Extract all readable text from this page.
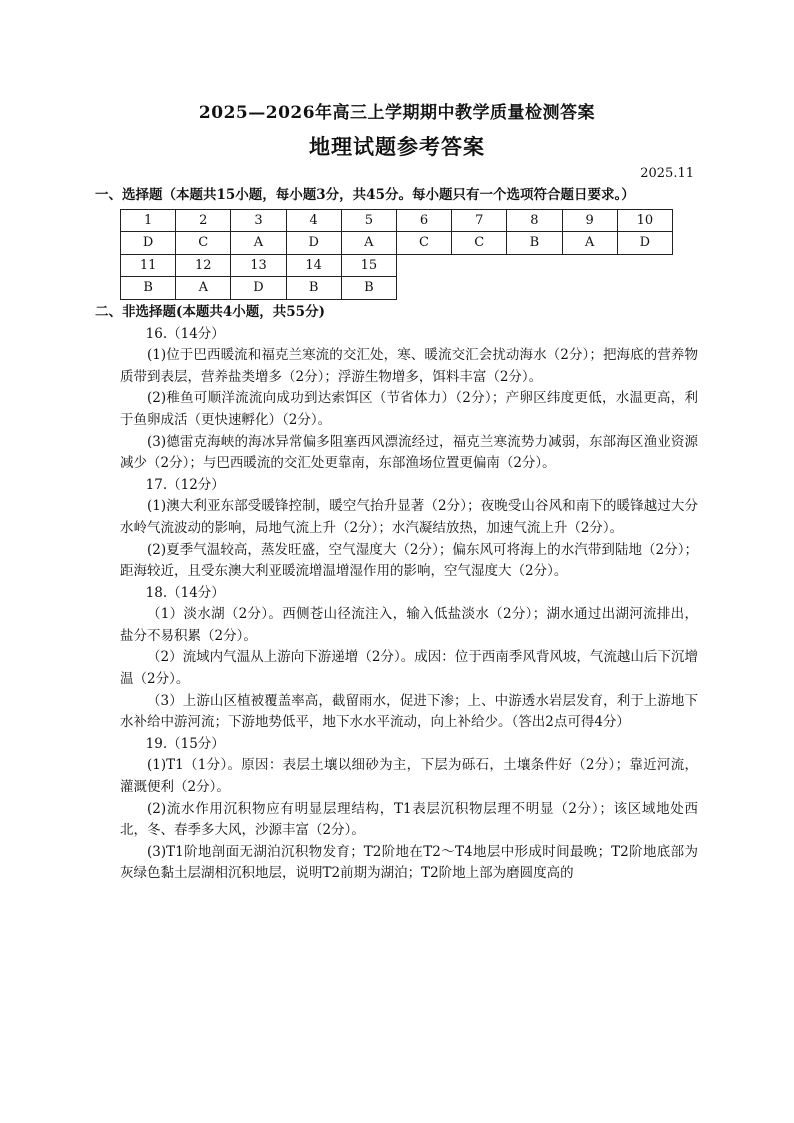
2025—2026年高三上学期期中教学质量检测答案
地理试题参考答案
2025.11

一、选择题（本题共15小题，每小题3分，共45分。每小题只有一个选项符合题日要求。）

1	2	3	4	5	6	7	8	9	10
D	C	A	D	A	C	C	B	A	D
11	12	13	14	15					
B	A	D	B	B					

二、非选择题(本题共4小题，共55分)

16.（14分）

(1)位于巴西暖流和福克兰寒流的交汇处，寒、暖流交汇会扰动海水（2分）；把海底的营养物质带到表层，营养盐类增多（2分）；浮游生物增多，饵料丰富（2分）。

(2)稚鱼可顺洋流流向成功到达索饵区（节省体力）（2分）；产卵区纬度更低，水温更高，利于鱼卵成活（更快速孵化）（2分）。

(3)德雷克海峡的海冰异常偏多阻塞西风漂流经过，福克兰寒流势力减弱，东部海区渔业资源减少（2分）；与巴西暖流的交汇处更靠南，东部渔场位置更偏南（2分）。

17.（12分）

(1)澳大利亚东部受暖锋控制，暖空气抬升显著（2分）；夜晚受山谷风和南下的暖锋越过大分水岭气流波动的影响，局地气流上升（2分）；水汽凝结放热，加速气流上升（2分）。

(2)夏季气温较高，蒸发旺盛，空气湿度大（2分）；偏东风可将海上的水汽带到陆地（2分）；距海较近，且受东澳大利亚暖流增温增湿作用的影响，空气湿度大（2分）。

18.（14分）

（1）淡水湖（2分）。西侧苍山径流注入，输入低盐淡水（2分）；湖水通过出湖河流排出，盐分不易积累（2分）。

（2）流域内气温从上游向下游递增（2分）。成因：位于西南季风背风坡，气流越山后下沉增温（2分）。

（3）上游山区植被覆盖率高，截留雨水，促进下渗；上、中游透水岩层发育，利于上游地下水补给中游河流；下游地势低平，地下水水平流动，向上补给少。（答出2点可得4分）

19.（15分）

(1)T1（1分）。原因：表层土壤以细砂为主，下层为砾石，土壤条件好（2分）；靠近河流，灌溉便利（2分）。

(2)流水作用沉积物应有明显层理结构，T1表层沉积物层理不明显（2分）；该区域地处西北，冬、春季多大风，沙源丰富（2分）。

(3)T1阶地剖面无湖泊沉积物发育；T2阶地在T2～T4地层中形成时间最晚；T2阶地底部为灰绿色黏土层湖相沉积地层，说明T2前期为湖泊；T2阶地上部为磨圆度高的
